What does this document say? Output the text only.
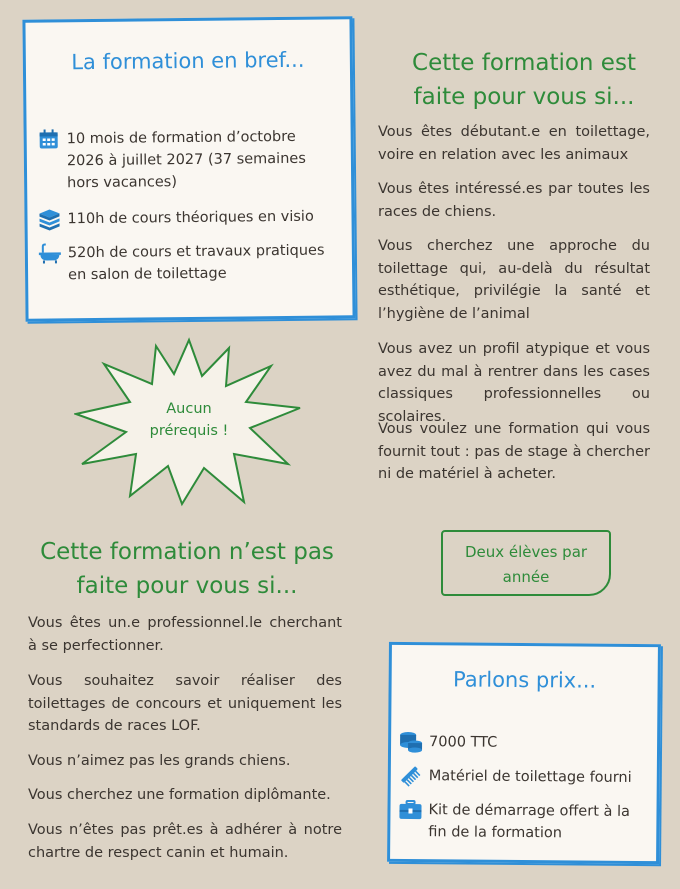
La formation en bref...
10 mois de formation d’octobre 2026 à juillet 2027 (37 semaines hors vacances)
110h de cours théoriques en visio
520h de cours et travaux pratiques en salon de toilettage
Cette formation est
faite pour vous si...
Vous êtes débutant.e en toilettage, voire en relation avec les animaux
Vous êtes intéressé.es par toutes les races de chiens.
Vous cherchez une approche du toilettage qui, au-delà du résultat esthétique, privilégie la santé et l’hygiène de l’animal
Vous avez un profil atypique et vous avez du mal à rentrer dans les cases classiques professionnelles ou scolaires.
Vous voulez une formation qui vous fournit tout : pas de stage à chercher ni de matériel à acheter.
Aucun
prérequis !
Deux élèves par
année
Cette formation n’est pas
faite pour vous si...
Vous êtes un.e professionnel.le cherchant à se perfectionner.
Vous souhaitez savoir réaliser des toilettages de concours et uniquement les standards de races LOF.
Vous n’aimez pas les grands chiens.
Vous cherchez une formation diplômante.
Vous n’êtes pas prêt.es à adhérer à notre chartre de respect canin et humain.
Parlons prix...
7000 TTC
Matériel de toilettage fourni
Kit de démarrage offert à la fin de la formation
